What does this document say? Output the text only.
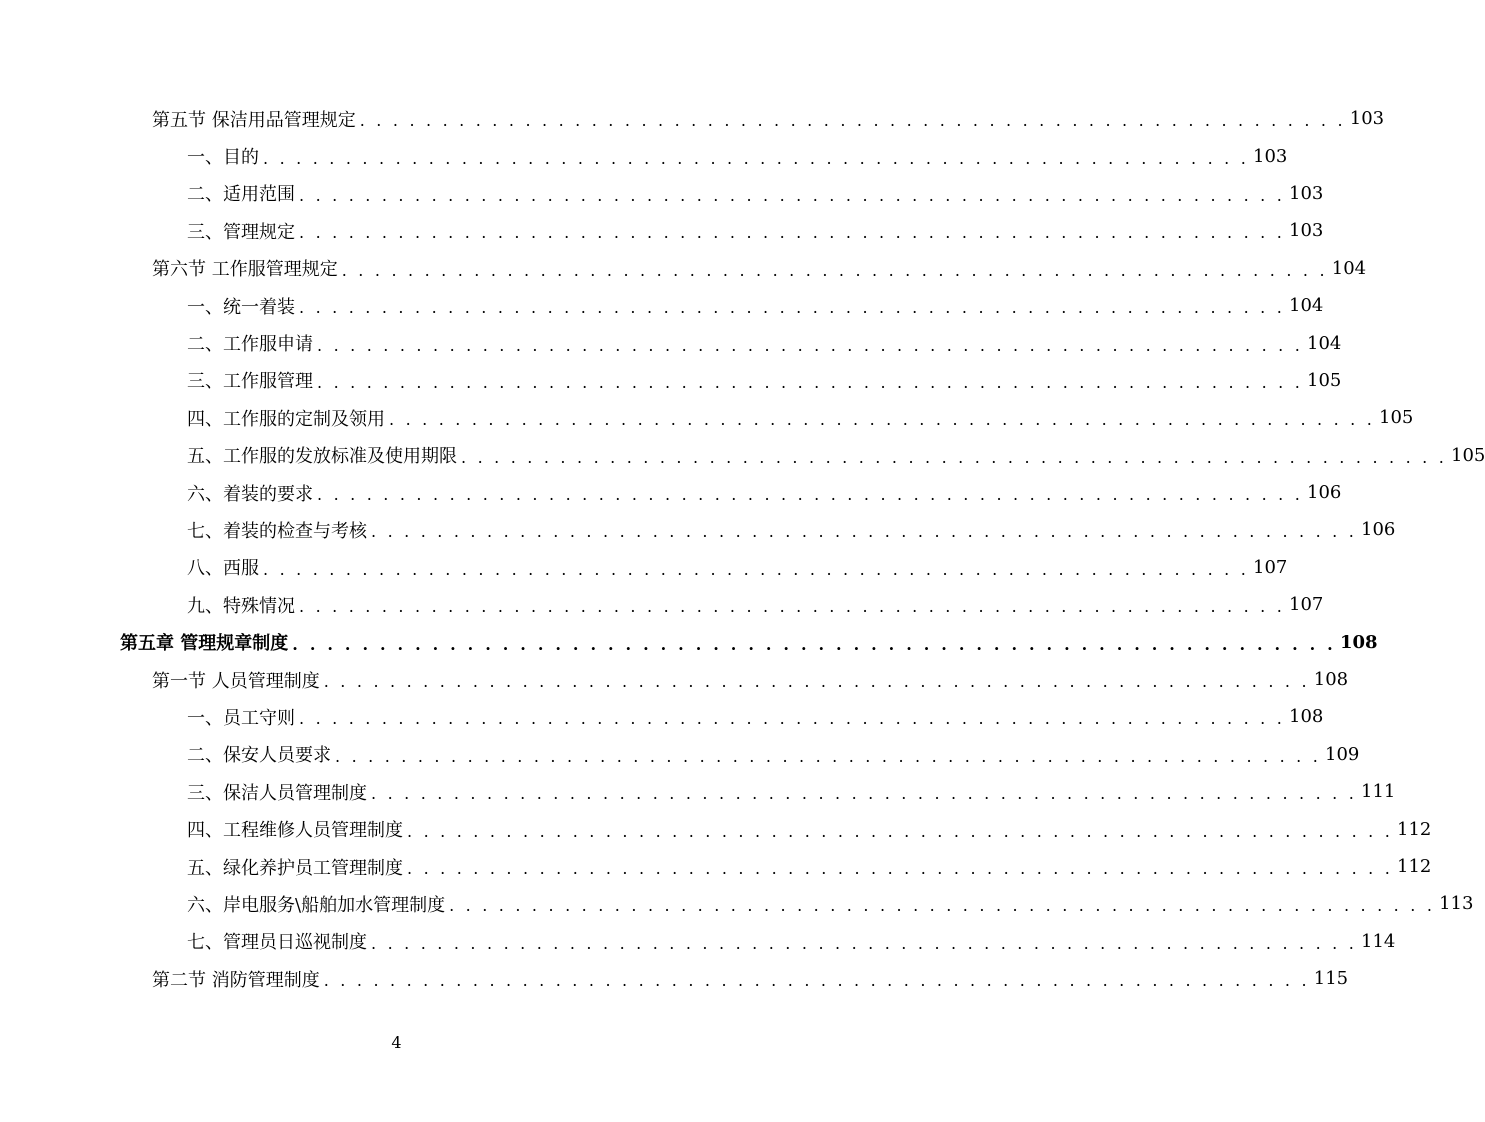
第五节 保洁用品管理规定 . . . . . . . . . . . . . . . . . . . . . . . . . . . . . . . . . . . . . . . . . . . . . . . . . . . . . . . . . . . . 103
一、目的 . . . . . . . . . . . . . . . . . . . . . . . . . . . . . . . . . . . . . . . . . . . . . . . . . . . . . . . . . . . . 103
二、适用范围 . . . . . . . . . . . . . . . . . . . . . . . . . . . . . . . . . . . . . . . . . . . . . . . . . . . . . . . . . . . . 103
三、管理规定 . . . . . . . . . . . . . . . . . . . . . . . . . . . . . . . . . . . . . . . . . . . . . . . . . . . . . . . . . . . . 103
第六节 工作服管理规定 . . . . . . . . . . . . . . . . . . . . . . . . . . . . . . . . . . . . . . . . . . . . . . . . . . . . . . . . . . . . 104
一、统一着装 . . . . . . . . . . . . . . . . . . . . . . . . . . . . . . . . . . . . . . . . . . . . . . . . . . . . . . . . . . . . 104
二、工作服申请 . . . . . . . . . . . . . . . . . . . . . . . . . . . . . . . . . . . . . . . . . . . . . . . . . . . . . . . . . . . . 104
三、工作服管理 . . . . . . . . . . . . . . . . . . . . . . . . . . . . . . . . . . . . . . . . . . . . . . . . . . . . . . . . . . . . 105
四、工作服的定制及领用 . . . . . . . . . . . . . . . . . . . . . . . . . . . . . . . . . . . . . . . . . . . . . . . . . . . . . . . . . . . . 105
五、工作服的发放标准及使用期限 . . . . . . . . . . . . . . . . . . . . . . . . . . . . . . . . . . . . . . . . . . . . . . . . . . . . . . . . . . . . 105
六、着装的要求 . . . . . . . . . . . . . . . . . . . . . . . . . . . . . . . . . . . . . . . . . . . . . . . . . . . . . . . . . . . . 106
七、着装的检查与考核 . . . . . . . . . . . . . . . . . . . . . . . . . . . . . . . . . . . . . . . . . . . . . . . . . . . . . . . . . . . . 106
八、西服 . . . . . . . . . . . . . . . . . . . . . . . . . . . . . . . . . . . . . . . . . . . . . . . . . . . . . . . . . . . . 107
九、特殊情况 . . . . . . . . . . . . . . . . . . . . . . . . . . . . . . . . . . . . . . . . . . . . . . . . . . . . . . . . . . . . 107
第五章 管理规章制度 . . . . . . . . . . . . . . . . . . . . . . . . . . . . . . . . . . . . . . . . . . . . . . . . . . . . . . . . . . . . 108
第一节 人员管理制度 . . . . . . . . . . . . . . . . . . . . . . . . . . . . . . . . . . . . . . . . . . . . . . . . . . . . . . . . . . . . 108
一、员工守则 . . . . . . . . . . . . . . . . . . . . . . . . . . . . . . . . . . . . . . . . . . . . . . . . . . . . . . . . . . . . 108
二、保安人员要求 . . . . . . . . . . . . . . . . . . . . . . . . . . . . . . . . . . . . . . . . . . . . . . . . . . . . . . . . . . . . 109
三、保洁人员管理制度 . . . . . . . . . . . . . . . . . . . . . . . . . . . . . . . . . . . . . . . . . . . . . . . . . . . . . . . . . . . . 111
四、工程维修人员管理制度 . . . . . . . . . . . . . . . . . . . . . . . . . . . . . . . . . . . . . . . . . . . . . . . . . . . . . . . . . . . . 112
五、绿化养护员工管理制度 . . . . . . . . . . . . . . . . . . . . . . . . . . . . . . . . . . . . . . . . . . . . . . . . . . . . . . . . . . . . 112
六、岸电服务\船舶加水管理制度 . . . . . . . . . . . . . . . . . . . . . . . . . . . . . . . . . . . . . . . . . . . . . . . . . . . . . . . . . . . . 113
七、管理员日巡视制度 . . . . . . . . . . . . . . . . . . . . . . . . . . . . . . . . . . . . . . . . . . . . . . . . . . . . . . . . . . . . 114
第二节 消防管理制度 . . . . . . . . . . . . . . . . . . . . . . . . . . . . . . . . . . . . . . . . . . . . . . . . . . . . . . . . . . . . 115
4
